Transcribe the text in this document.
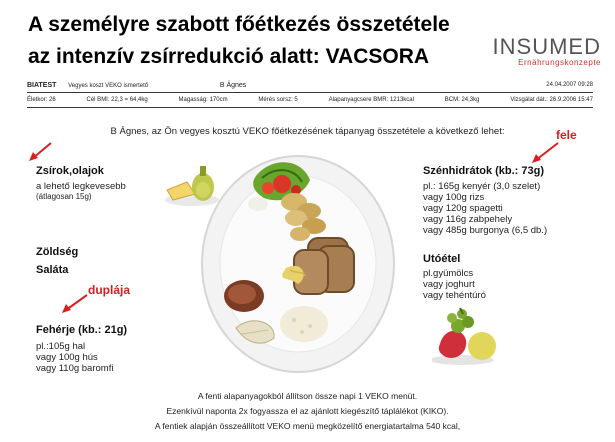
A személyre szabott főétkezés összetétele
az intenzív zsírredukció alatt: VACSORA	INSUMED
Ernährungskonzepte
BIATEST Vegyes koszt VEKO ismertető	B Ágnes	24.04.2007 09:28
Életkor: 26	Cél BMI: 22,3 = 64,4kg	Magasság: 170cm	Mérés sorsz: 5	Alapanyagcsere BMR: 1213kcal	BCM: 24,3kg	Vizsgálat dát.: 26.9.2006 15:47
B Ágnes, az Ön vegyes kosztú VEKO főétkezésének tápanyag összetétele a következő lehet:	fele
Zsírok,olajok
a lehető legkevesebb
(átlagosan 15g)
Zöldség
Saláta
duplája
Fehérje (kb.: 21g)
pl.:105g hal
vagy 100g hús
vagy 110g baromfi
Szénhidrátok (kb.: 73g)
pl.: 165g kenyér (3,0 szelet)
vagy 100g rizs
vagy 120g spagetti
vagy 116g zabpehely
vagy 485g burgonya (6,5 db.)
Utóétel
pl.gyümölcs
vagy joghurt
vagy tehéntúró
A fenti alapanyagokból állítson össze napi 1 VEKO menüt.
Ezenkívül naponta 2x fogyassza el az ajánlott kiegészítő táplálékot (KIKO).
A fentiek alapján összeállított VEKO menü megközelítő energiatartalma 540 kcal,
